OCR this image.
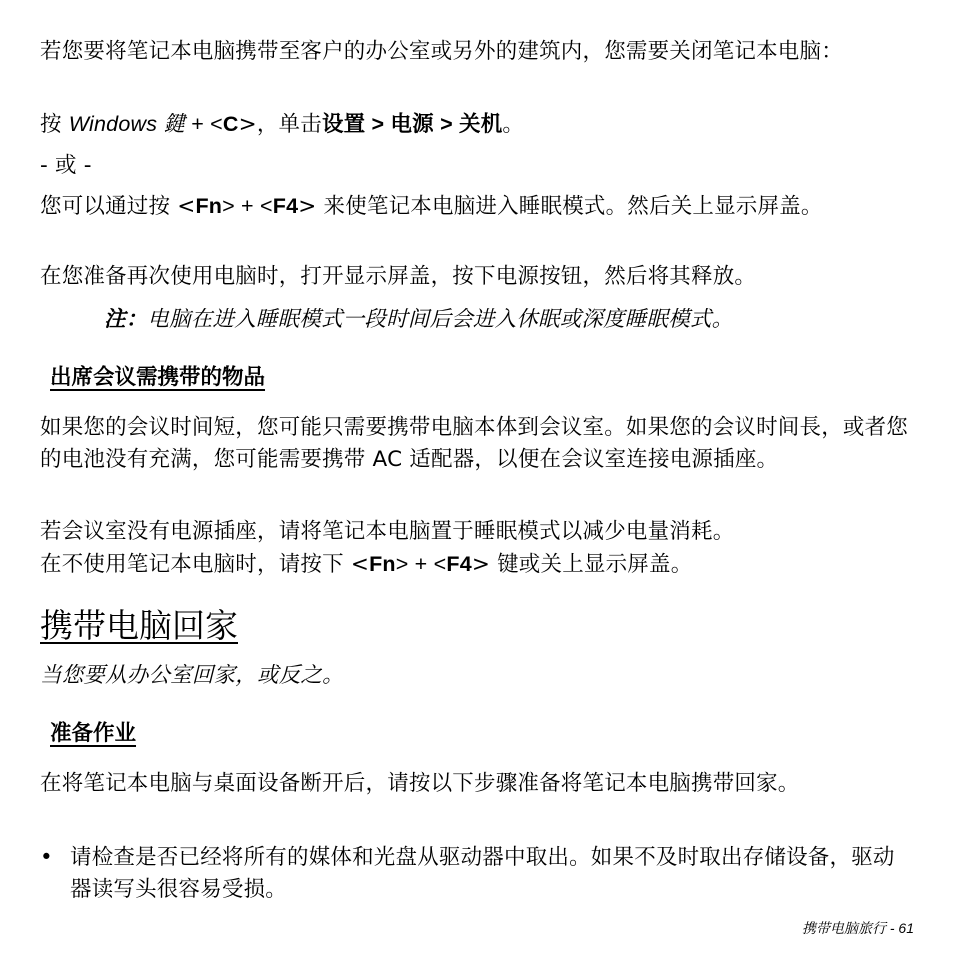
若您要将笔记本电脑携带至客户的办公室或另外的建筑内，您需要关闭笔记本电脑：

按 Windows 鍵 + <C>，单击设置 > 电源 > 关机。

- 或 -

您可以通过按 <Fn> + <F4> 来使笔记本电脑进入睡眠模式。然后关上显示屏盖。

在您准备再次使用电脑时，打开显示屏盖，按下电源按钮，然后将其释放。

注：电脑在进入睡眠模式一段时间后会进入休眠或深度睡眠模式。

出席会议需携带的物品

如果您的会议时间短，您可能只需要携带电脑本体到会议室。如果您的会议时间長，或者您的电池没有充满，您可能需要携带 AC 适配器，以便在会议室连接电源插座。

若会议室没有电源插座，请将笔记本电脑置于睡眠模式以减少电量消耗。
在不使用笔记本电脑时，请按下 <Fn> + <F4> 键或关上显示屏盖。

携带电脑回家

当您要从办公室回家，或反之。

准备作业

在将笔记本电脑与桌面设备断开后，请按以下步骤准备将笔记本电脑携带回家。

• 请检查是否已经将所有的媒体和光盘从驱动器中取出。如果不及时取出存储设备，驱动器读写头很容易受损。
携带电脑旅行 - 61
